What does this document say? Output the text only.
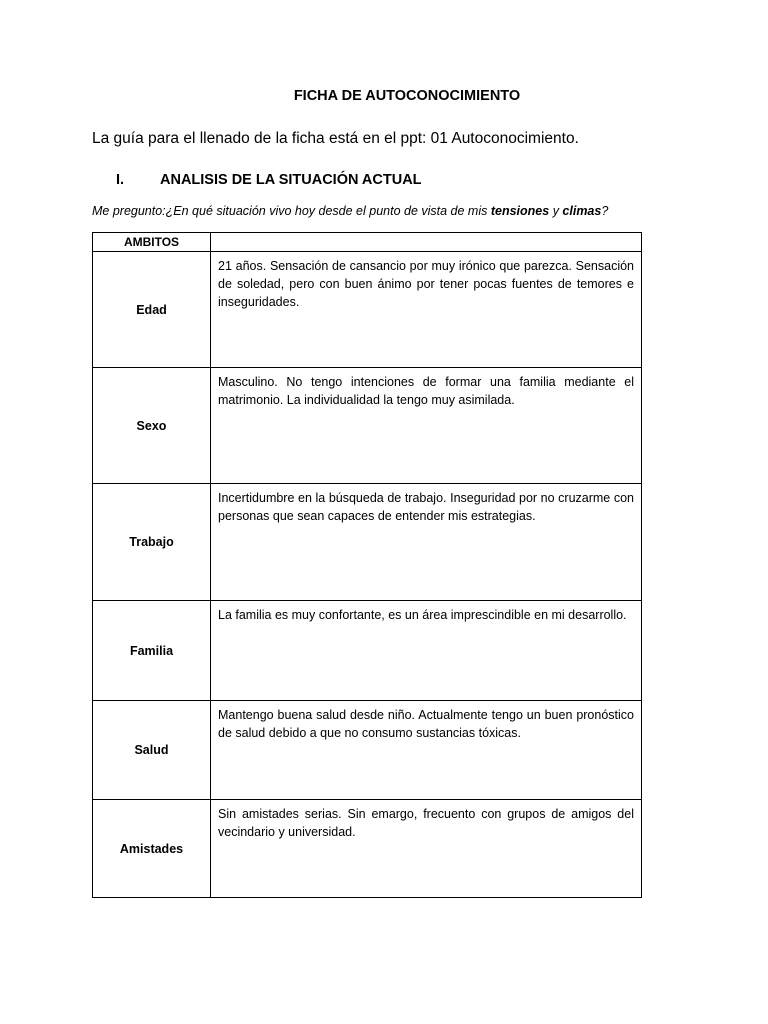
FICHA DE AUTOCONOCIMIENTO
La guía para el llenado de la ficha está en el ppt: 01 Autoconocimiento.
I. ANALISIS DE LA SITUACIÓN ACTUAL
Me pregunto:¿En qué situación vivo hoy desde el punto de vista de mis tensiones y climas?
AMBITOS	
Edad	21 años. Sensación de cansancio por muy irónico que parezca. Sensación de soledad, pero con buen ánimo por tener pocas fuentes de temores e inseguridades.
Sexo	Masculino. No tengo intenciones de formar una familia mediante el matrimonio. La individualidad la tengo muy asimilada.
Trabajo	Incertidumbre en la búsqueda de trabajo. Inseguridad por no cruzarme con personas que sean capaces de entender mis estrategias.
Familia	La familia es muy confortante, es un área imprescindible en mi desarrollo.
Salud	Mantengo buena salud desde niño. Actualmente tengo un buen pronóstico de salud debido a que no consumo sustancias tóxicas.
Amistades	Sin amistades serias. Sin emargo, frecuento con grupos de amigos del vecindario y universidad.
